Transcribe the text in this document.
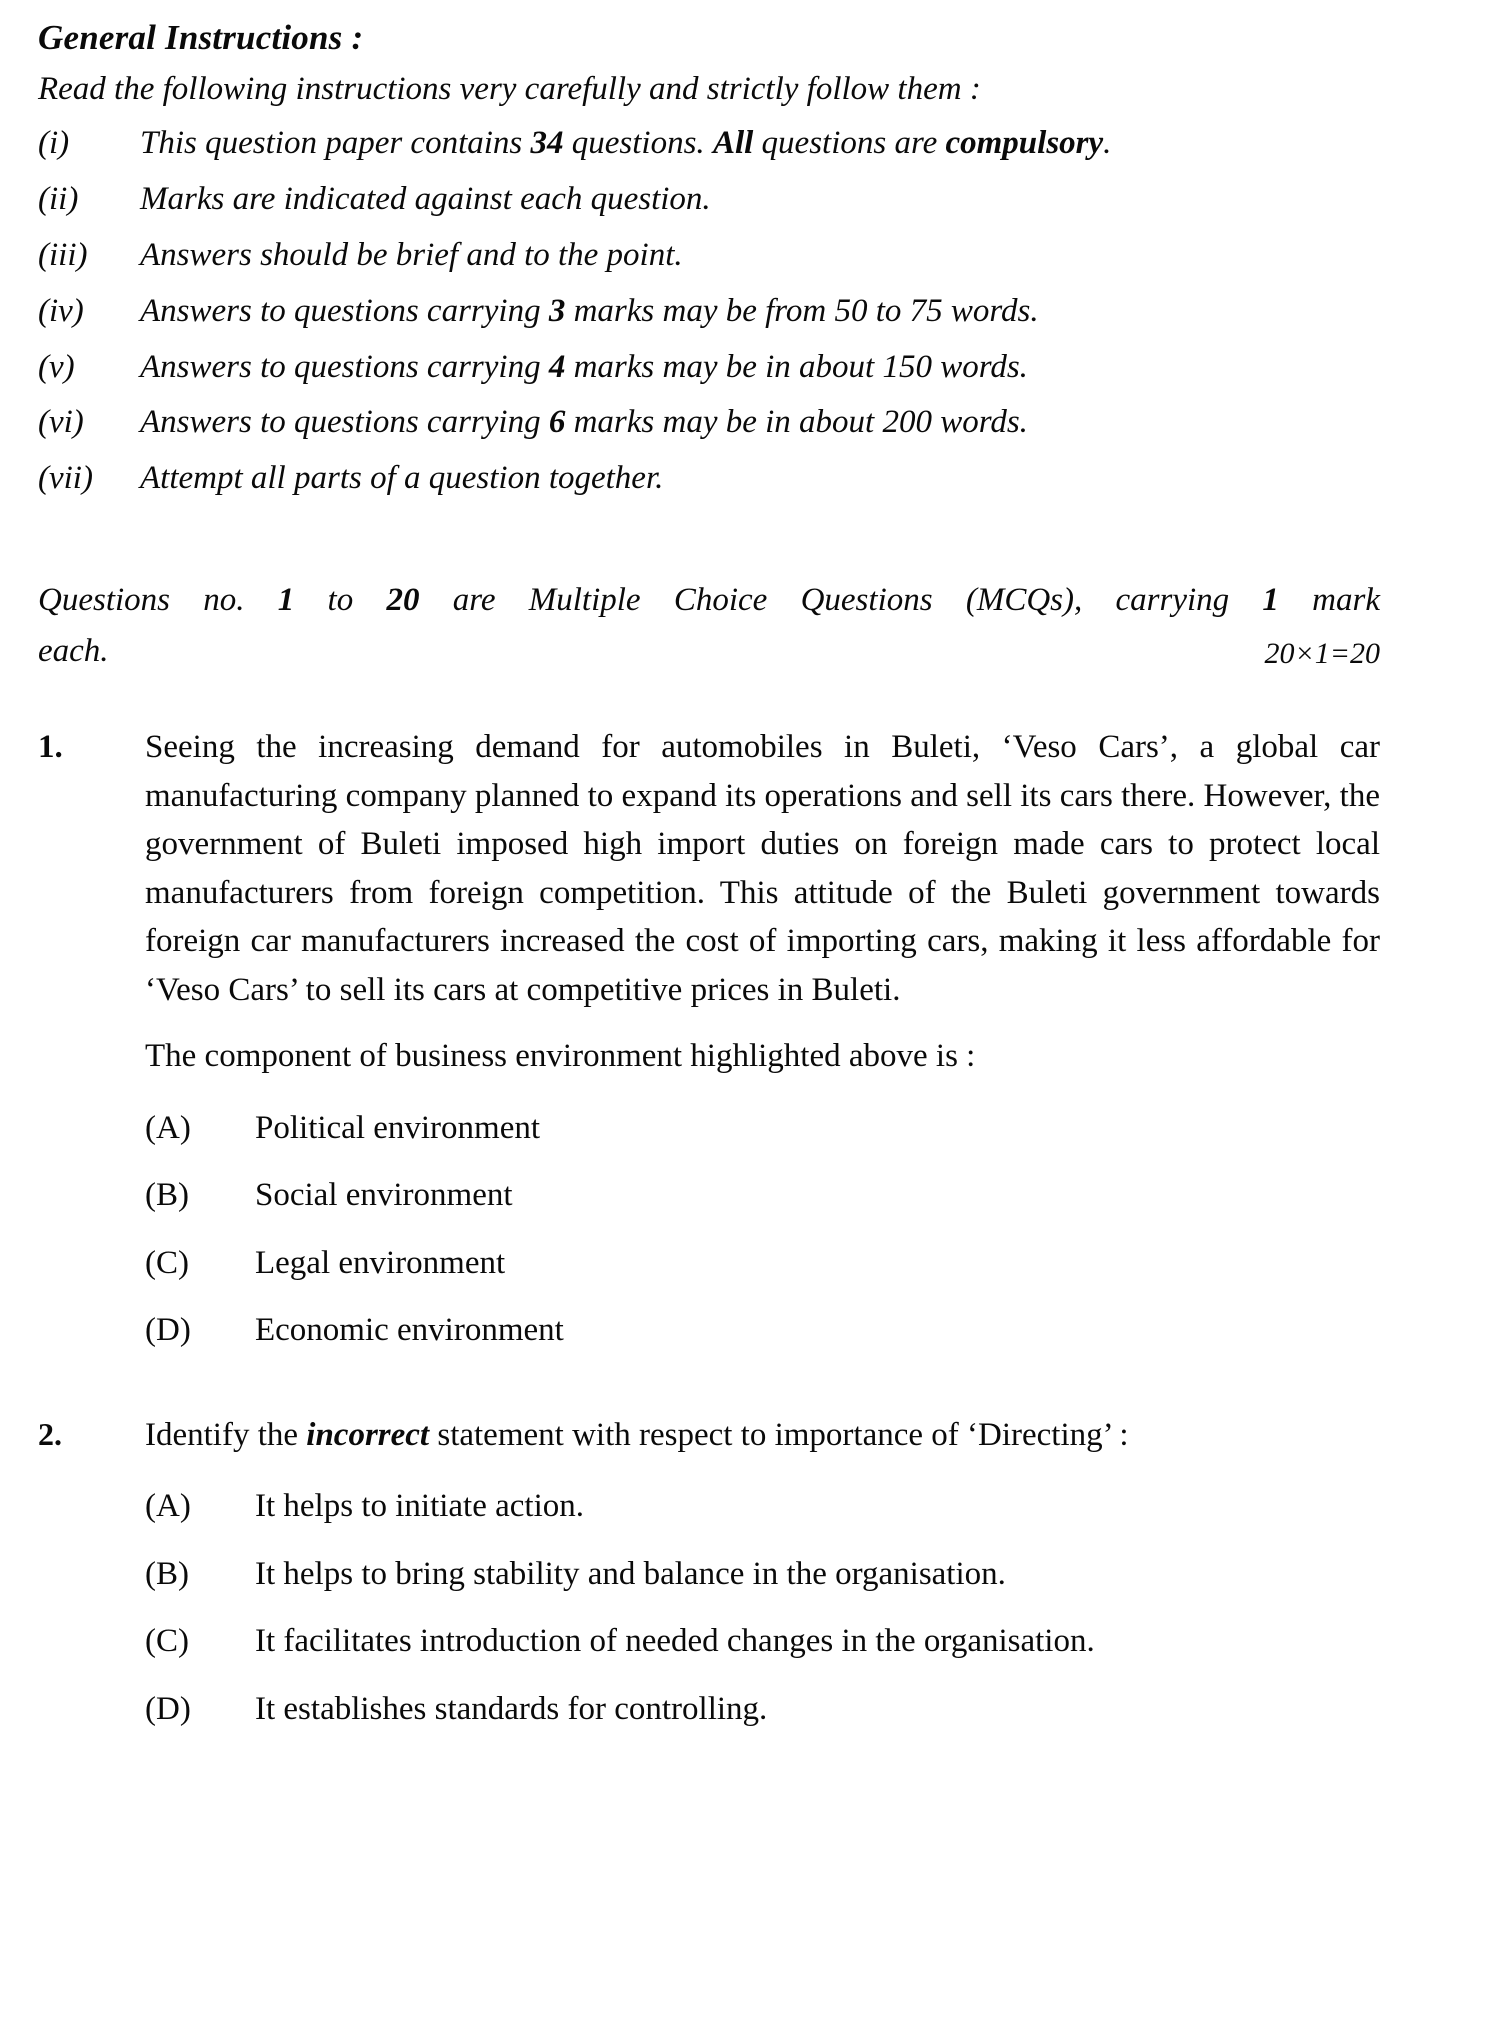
General Instructions :
Read the following instructions very carefully and strictly follow them :
(i)	This question paper contains 34 questions. All questions are compulsory.
(ii)	Marks are indicated against each question.
(iii)	Answers should be brief and to the point.
(iv)	Answers to questions carrying 3 marks may be from 50 to 75 words.
(v)	Answers to questions carrying 4 marks may be in about 150 words.
(vi)	Answers to questions carrying 6 marks may be in about 200 words.
(vii)	Attempt all parts of a question together.
Questions no. 1 to 20 are Multiple Choice Questions (MCQs), carrying 1 mark
each.	20×1=20
1.	Seeing the increasing demand for automobiles in Buleti, ‘Veso Cars’, a global car manufacturing company planned to expand its operations and sell its cars there. However, the government of Buleti imposed high import duties on foreign made cars to protect local manufacturers from foreign competition. This attitude of the Buleti government towards foreign car manufacturers increased the cost of importing cars, making it less affordable for ‘Veso Cars’ to sell its cars at competitive prices in Buleti.

The component of business environment highlighted above is :

(A)	Political environment
(B)	Social environment
(C)	Legal environment
(D)	Economic environment
2.	Identify the incorrect statement with respect to importance of ‘Directing’ :

(A)	It helps to initiate action.
(B)	It helps to bring stability and balance in the organisation.
(C)	It facilitates introduction of needed changes in the organisation.
(D)	It establishes standards for controlling.
